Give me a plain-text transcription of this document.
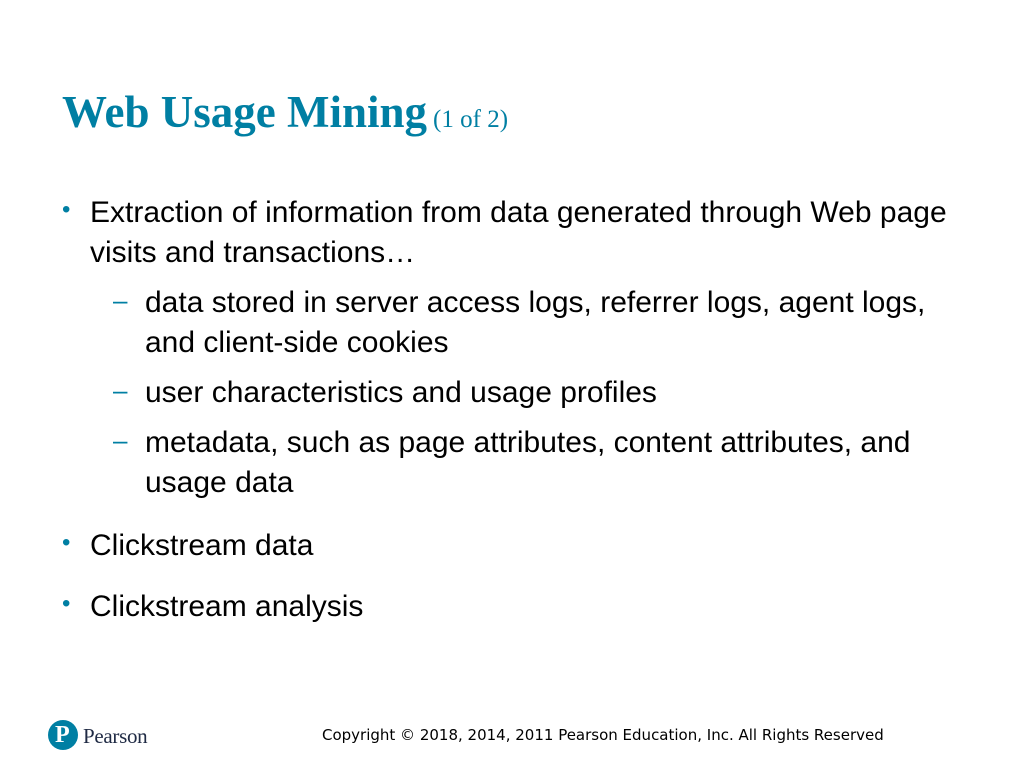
Web Usage Mining (1 of 2)
• Extraction of information from data generated through Web page visits and transactions…
– data stored in server access logs, referrer logs, agent logs, and client-side cookies
– user characteristics and usage profiles
– metadata, such as page attributes, content attributes, and usage data
• Clickstream data
• Clickstream analysis
P Pearson	Copyright © 2018, 2014, 2011 Pearson Education, Inc. All Rights Reserved
